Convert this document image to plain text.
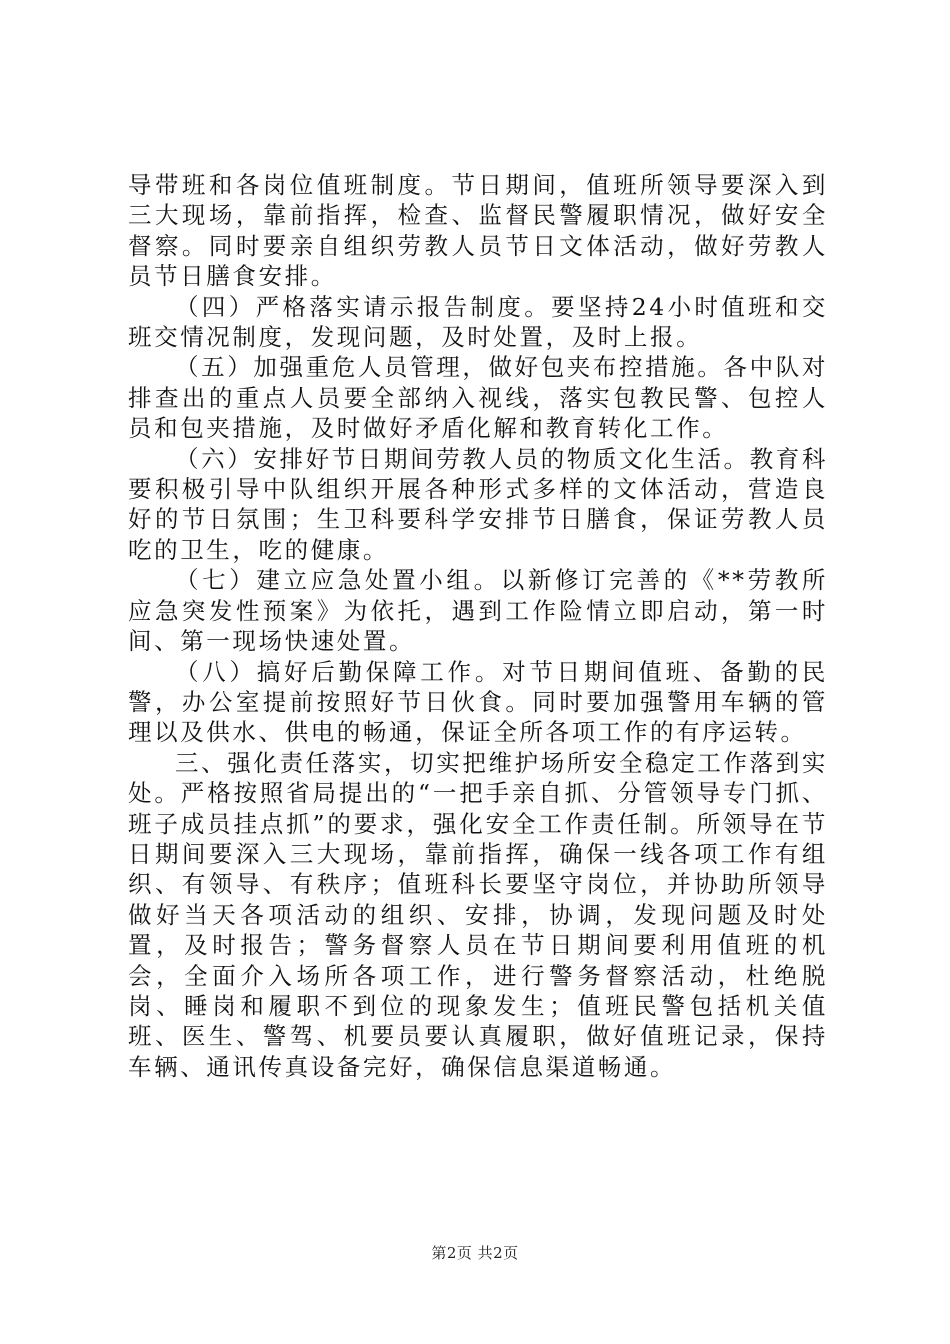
导带班和各岗位值班制度。节日期间，值班所领导要深入到三大现场，靠前指挥，检查、监督民警履职情况，做好安全督察。同时要亲自组织劳教人员节日文体活动，做好劳教人员节日膳食安排。

（四）严格落实请示报告制度。要坚持24小时值班和交班交情况制度，发现问题，及时处置，及时上报。

（五）加强重危人员管理，做好包夹布控措施。各中队对排查出的重点人员要全部纳入视线，落实包教民警、包控人员和包夹措施，及时做好矛盾化解和教育转化工作。

（六）安排好节日期间劳教人员的物质文化生活。教育科要积极引导中队组织开展各种形式多样的文体活动，营造良好的节日氛围；生卫科要科学安排节日膳食，保证劳教人员吃的卫生，吃的健康。

（七）建立应急处置小组。以新修订完善的《**劳教所应急突发性预案》为依托，遇到工作险情立即启动，第一时间、第一现场快速处置。

（八）搞好后勤保障工作。对节日期间值班、备勤的民警，办公室提前按照好节日伙食。同时要加强警用车辆的管理以及供水、供电的畅通，保证全所各项工作的有序运转。

三、强化责任落实，切实把维护场所安全稳定工作落到实处。严格按照省局提出的“一把手亲自抓、分管领导专门抓、班子成员挂点抓”的要求，强化安全工作责任制。所领导在节日期间要深入三大现场，靠前指挥，确保一线各项工作有组织、有领导、有秩序；值班科长要坚守岗位，并协助所领导做好当天各项活动的组织、安排，协调，发现问题及时处置，及时报告；警务督察人员在节日期间要利用值班的机会，全面介入场所各项工作，进行警务督察活动，杜绝脱岗、睡岗和履职不到位的现象发生；值班民警包括机关值班、医生、警驾、机要员要认真履职，做好值班记录，保持车辆、通讯传真设备完好，确保信息渠道畅通。

第2页 共2页
